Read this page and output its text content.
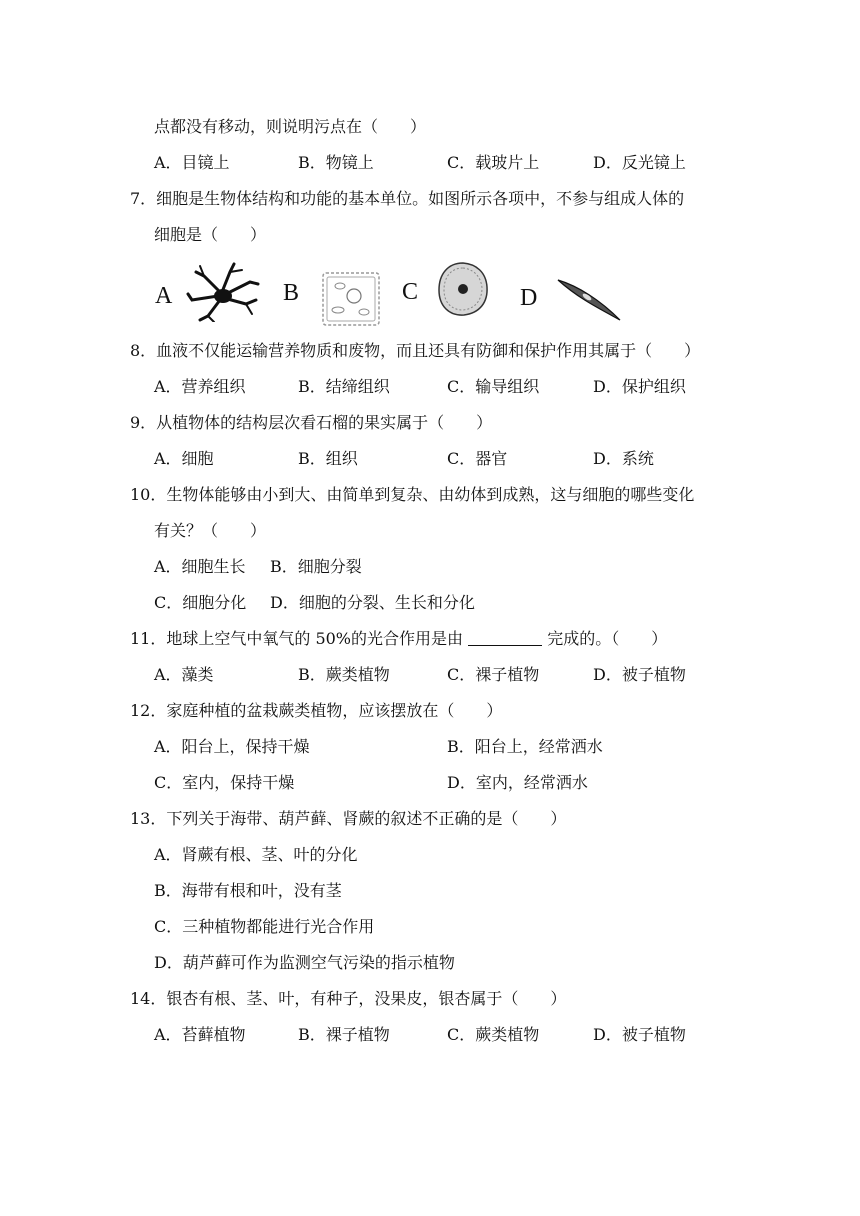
点都没有移动，则说明污点在（　　）
A．目镜上	B．物镜上	C．载玻片上	D．反光镜上
7．细胞是生物体结构和功能的基本单位。如图所示各项中，不参与组成人体的
细胞是（　　）
A	B	C	D
8．血液不仅能运输营养物质和废物，而且还具有防御和保护作用其属于（　　）
A．营养组织	B．结缔组织	C．输导组织	D．保护组织
9．从植物体的结构层次看石榴的果实属于（　　）
A．细胞	B．组织	C．器官	D．系统
10．生物体能够由小到大、由简单到复杂、由幼体到成熟，这与细胞的哪些变化
有关？（　　）
A．细胞生长 B．细胞分裂
C．细胞分化 D．细胞的分裂、生长和分化
11．地球上空气中氧气的 50%的光合作用是由	完成的。（　　）
A．藻类	B．蕨类植物	C．裸子植物	D．被子植物
12．家庭种植的盆栽蕨类植物，应该摆放在（　　）
A．阳台上，保持干燥	B．阳台上，经常洒水
C．室内，保持干燥	D．室内，经常洒水
13．下列关于海带、葫芦藓、肾蕨的叙述不正确的是（　　）
A．肾蕨有根、茎、叶的分化
B．海带有根和叶，没有茎
C．三种植物都能进行光合作用
D．葫芦藓可作为监测空气污染的指示植物
14．银杏有根、茎、叶，有种子，没果皮，银杏属于（　　）
A．苔藓植物	B．裸子植物	C．蕨类植物	D．被子植物
